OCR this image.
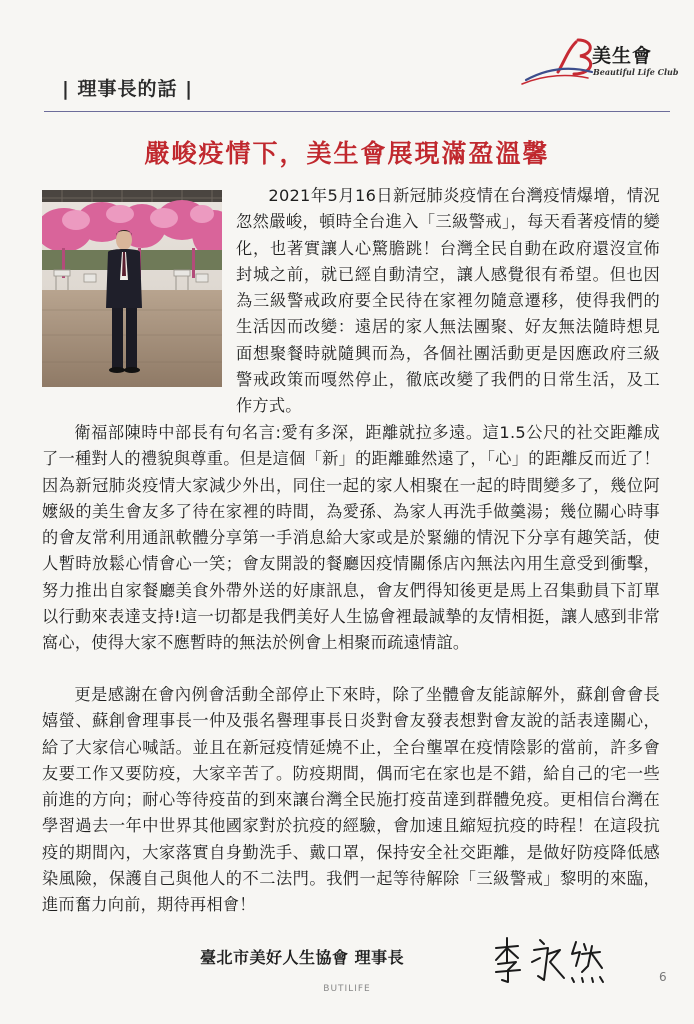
| 理事長的話 |
美生會
Beautiful Life Club
嚴峻疫情下，美生會展現滿盈溫馨

2021年5月16日新冠肺炎疫情在台灣疫情爆增，情況忽然嚴峻，頓時全台進入「三級警戒」，每天看著疫情的變化，也著實讓人心驚膽跳！台灣全民自動在政府還沒宣佈封城之前，就已經自動清空，讓人感覺很有希望。但也因為三級警戒政府要全民待在家裡勿隨意遷移，使得我們的生活因而改變：遠居的家人無法團聚、好友無法隨時想見面想聚餐時就隨興而為，各個社團活動更是因應政府三級警戒政策而嘎然停止，徹底改變了我們的日常生活，及工作方式。

衛福部陳時中部長有句名言:愛有多深，距離就拉多遠。這1.5公尺的社交距離成了一種對人的禮貌與尊重。但是這個「新」的距離雖然遠了，「心」的距離反而近了！因為新冠肺炎疫情大家減少外出，同住一起的家人相聚在一起的時間變多了，幾位阿嬤級的美生會友多了待在家裡的時間，為愛孫、為家人再洗手做羹湯；幾位關心時事的會友常利用通訊軟體分享第一手消息給大家或是於緊繃的情況下分享有趣笑話，使人暫時放鬆心情會心一笑；會友開設的餐廳因疫情關係店內無法內用生意受到衝擊，努力推出自家餐廳美食外帶外送的好康訊息，會友們得知後更是馬上召集動員下訂單以行動來表達支持!這一切都是我們美好人生協會裡最誠摯的友情相挺，讓人感到非常窩心，使得大家不應暫時的無法於例會上相聚而疏遠情誼。

更是感謝在會內例會活動全部停止下來時，除了坐體會友能諒解外，蘇創會會長嬉螢、蘇創會理事長一仲及張名譽理事長日炎對會友發表想對會友說的話表達關心，給了大家信心喊話。並且在新冠疫情延燒不止，全台壟罩在疫情陰影的當前，許多會友要工作又要防疫，大家辛苦了。防疫期間，偶而宅在家也是不錯，給自己的宅一些前進的方向；耐心等待疫苗的到來讓台灣全民施打疫苗達到群體免疫。更相信台灣在學習過去一年中世界其他國家對於抗疫的經驗，會加速且縮短抗疫的時程！在這段抗疫的期間內，大家落實自身勤洗手、戴口罩，保持安全社交距離，是做好防疫降低感染風險，保護自己與他人的不二法門。我們一起等待解除「三級警戒」黎明的來臨，進而奮力向前，期待再相會！

臺北市美好人生協會 理事長
BUTILIFE
6
